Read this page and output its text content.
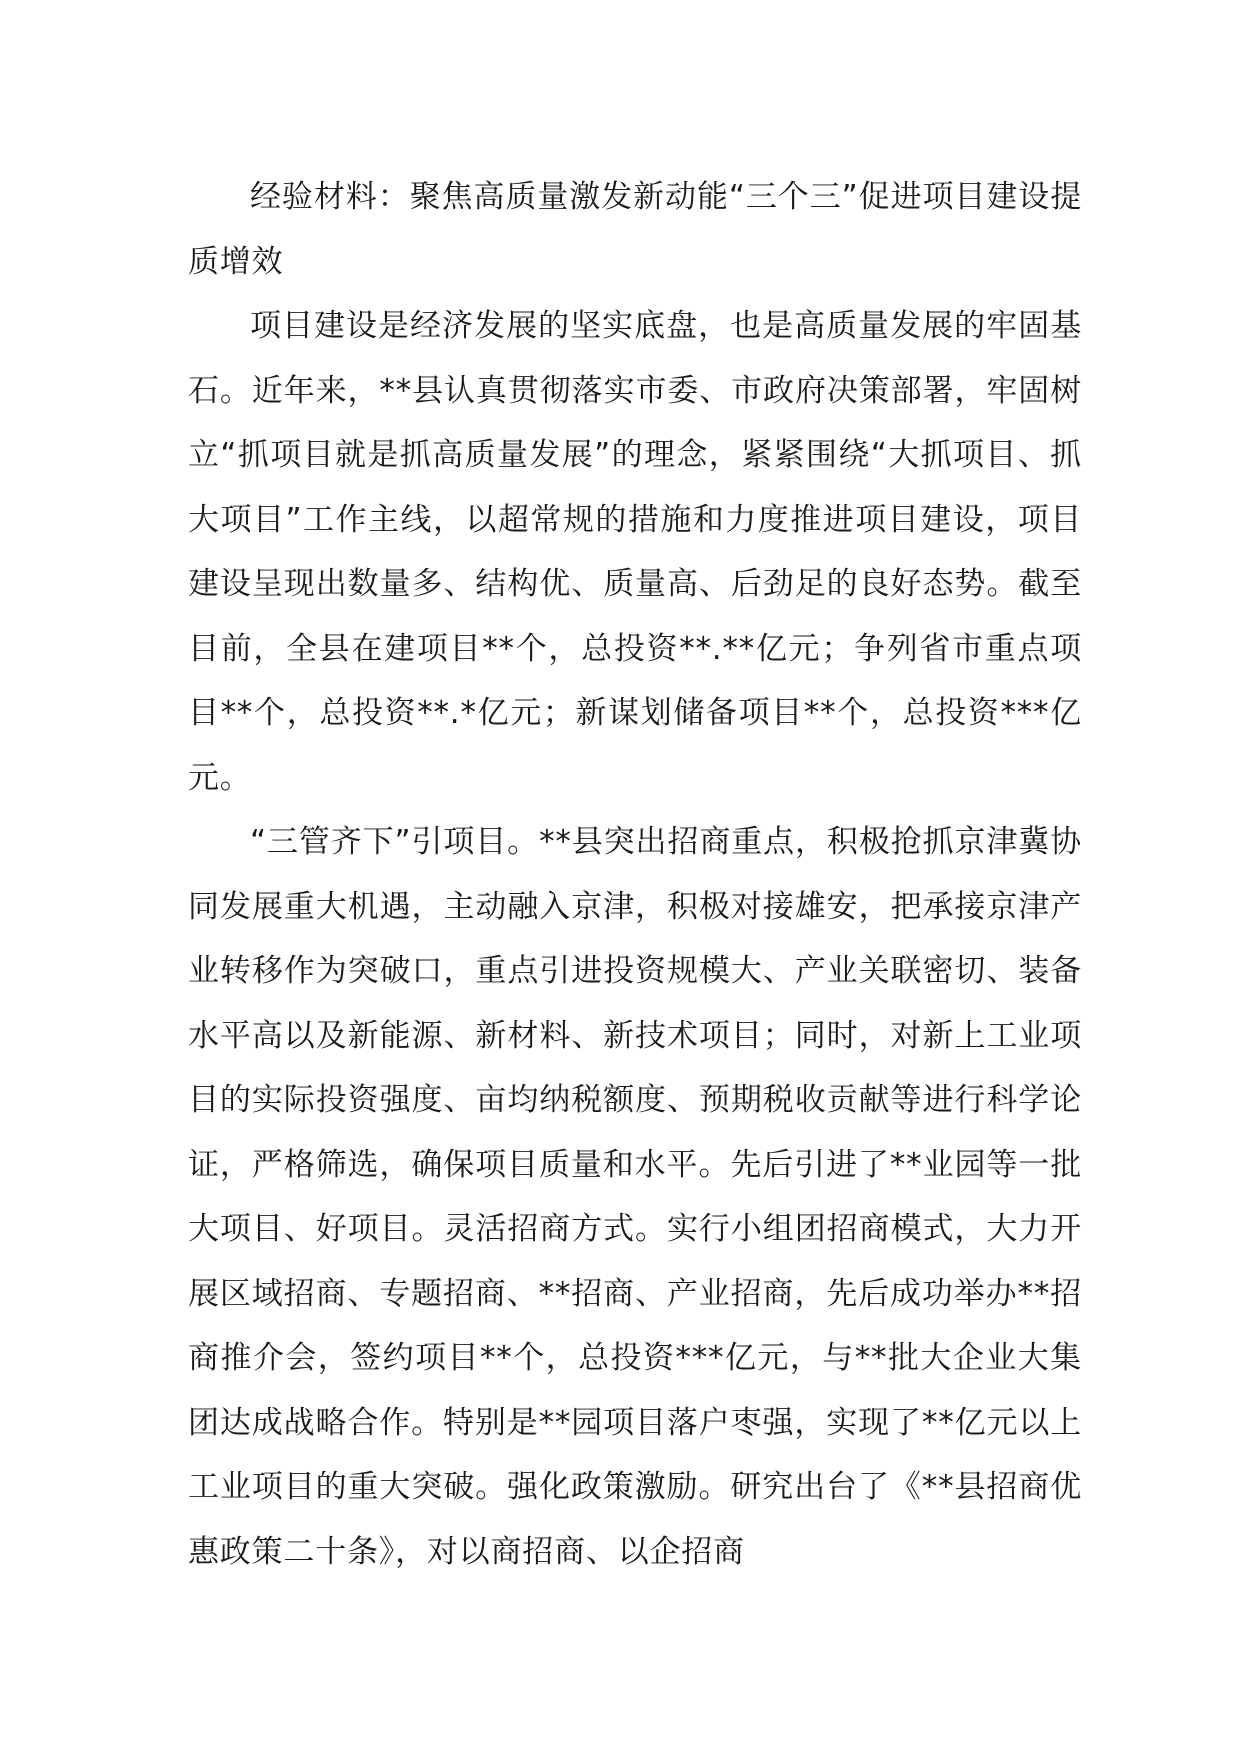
经验材料：聚焦高质量激发新动能“三个三”促进项目建设提质增效

项目建设是经济发展的坚实底盘，也是高质量发展的牢固基石。近年来，**县认真贯彻落实市委、市政府决策部署，牢固树立“抓项目就是抓高质量发展”的理念，紧紧围绕“大抓项目、抓大项目”工作主线，以超常规的措施和力度推进项目建设，项目建设呈现出数量多、结构优、质量高、后劲足的良好态势。截至目前，全县在建项目**个，总投资**.**亿元；争列省市重点项目**个，总投资**.*亿元；新谋划储备项目**个，总投资***亿元。

“三管齐下”引项目。**县突出招商重点，积极抢抓京津冀协同发展重大机遇，主动融入京津，积极对接雄安，把承接京津产业转移作为突破口，重点引进投资规模大、产业关联密切、装备水平高以及新能源、新材料、新技术项目；同时，对新上工业项目的实际投资强度、亩均纳税额度、预期税收贡献等进行科学论证，严格筛选，确保项目质量和水平。先后引进了**业园等一批大项目、好项目。灵活招商方式。实行小组团招商模式，大力开展区域招商、专题招商、**招商、产业招商，先后成功举办**招商推介会，签约项目**个，总投资***亿元，与**批大企业大集团达成战略合作。特别是**园项目落户枣强，实现了**亿元以上工业项目的重大突破。强化政策激励。研究出台了《**县招商优惠政策二十条》，对以商招商、以企招商
